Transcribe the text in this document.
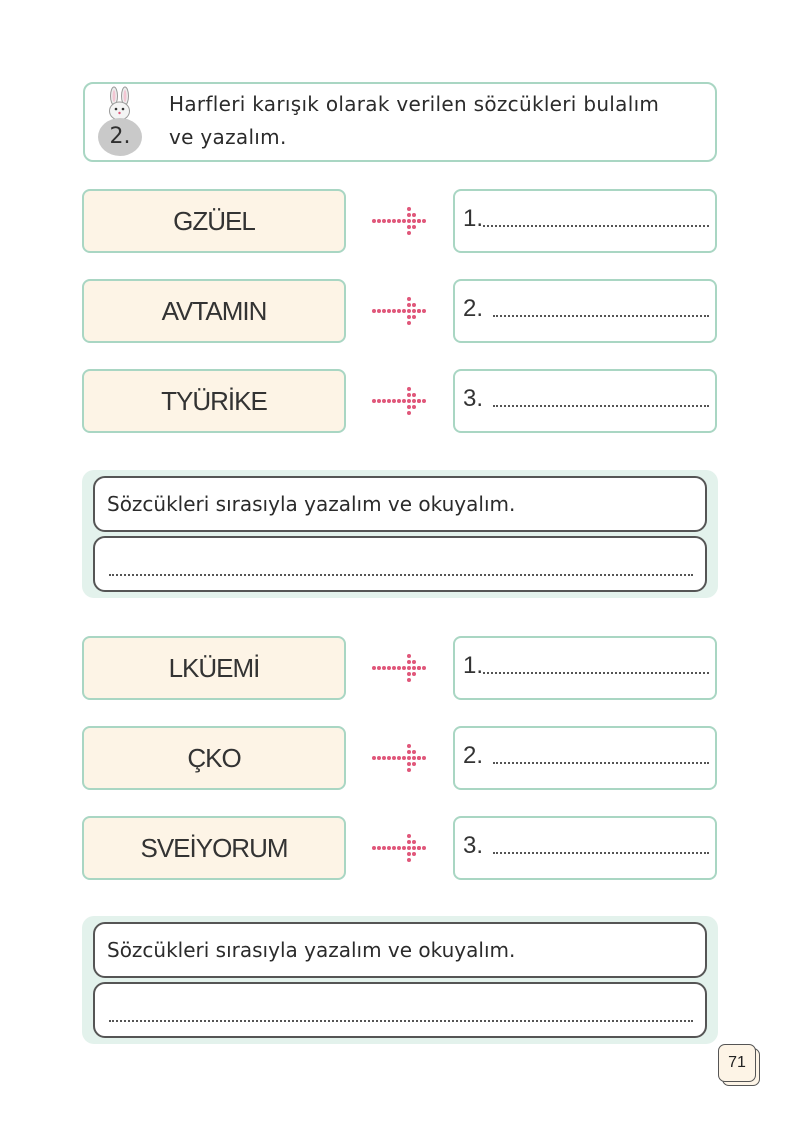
2.
Harfleri karışık olarak verilen sözcükleri bulalım ve yazalım.
GZÜEL	1.
AVTAMIN	2.
TYÜRİKE	3.
Sözcükleri sırasıyla yazalım ve okuyalım.
LKÜEMİ	1.
ÇKO	2.
SVEİYORUM	3.
Sözcükleri sırasıyla yazalım ve okuyalım.
71
